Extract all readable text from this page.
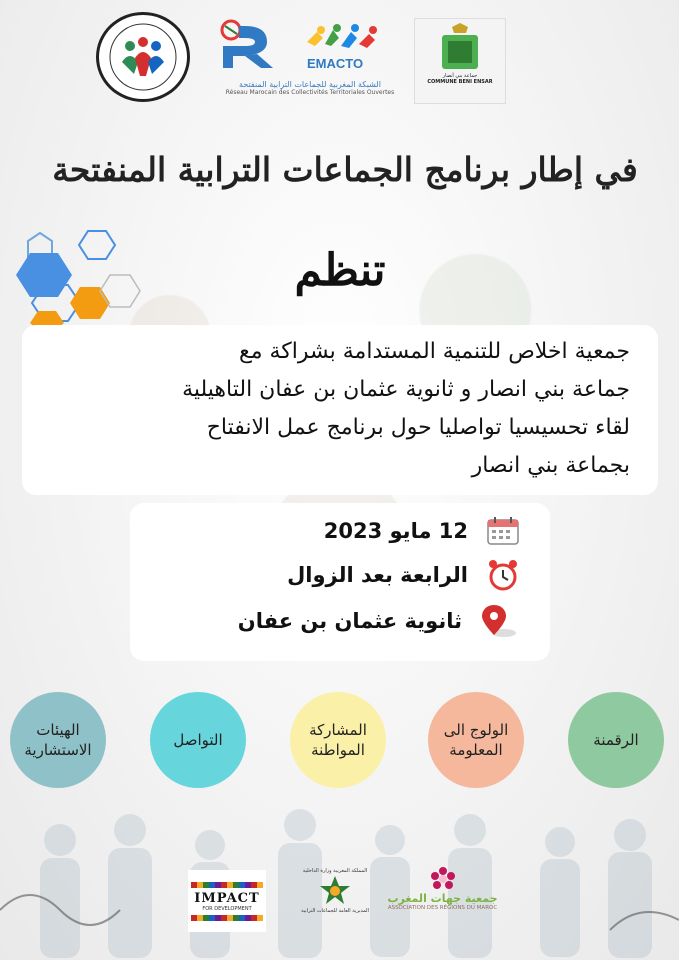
EMACTO
الشبكة المغربية للجماعات الترابية المنفتحة
Réseau Marocain des Collectivités Territoriales Ouvertes
جماعة بني أنصار
COMMUNE BENI ENSAR
في إطار برنامج الجماعات الترابية المنفتحة
تنظم
جمعية اخلاص للتنمية المستدامة بشراكة مع
جماعة بني انصار و ثانوية عثمان بن عفان التاهيلية
لقاء تحسيسيا تواصليا حول برنامج عمل الانفتاح
بجماعة بني انصار
12 مايو 2023
الرابعة بعد الزوال
ثانوية عثمان بن عفان
الرقمنة
الولوج الى المعلومة
المشاركة المواطنة
التواصل
الهيئات الاستشارية
IMPACT
FOR DEVELOPMENT
المملكة المغربية وزارة الداخلية
المديرية العامة للجماعات الترابية
جمعية جهات المغرب
ASSOCIATION DES RÉGIONS DU MAROC
